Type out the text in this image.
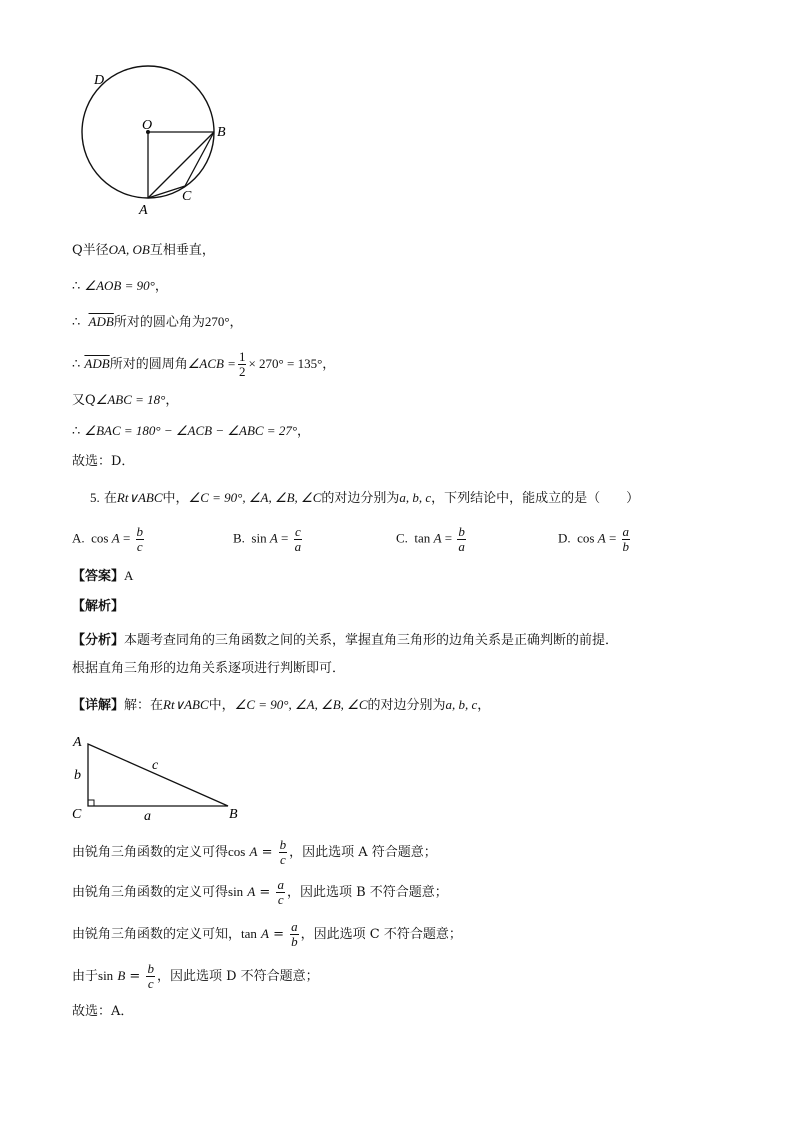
D
O	B
C
A
Q半径OA, OB互相垂直，
∴ ∠AOB = 90°，
∴ $\overline{ADB}$所对的圆心角为270°，
∴ $\overline{ADB}$所对的圆周角∠ACB = $\frac{1}{2} \times 270^\circ = 135^\circ$，
又Q∠ABC = 18°，
∴ ∠BAC = 180° − ∠ACB − ∠ABC = 27°，
故选：D．
5. 在Rt∨ABC中，∠C = 90°, ∠A, ∠B, ∠C的对边分别为a, b, c，下列结论中，能成立的是（　　）
A. $\cos A = \frac{b}{c}$	B. $\sin A = \frac{c}{a}$	C. $\tan A = \frac{b}{a}$	D. $\cos A = \frac{a}{b}$
【答案】A
【解析】
【分析】本题考查同角的三角函数之间的关系，掌握直角三角形的边角关系是正确判断的前提．
根据直角三角形的边角关系逐项进行判断即可．
【详解】解：在Rt∨ABC中，∠C = 90°, ∠A, ∠B, ∠C的对边分别为a, b, c，
A
b
c
C	a	B
由锐角三角函数的定义可得$\cos A = \frac{b}{c}$ ，因此选项 A 符合题意；
由锐角三角函数的定义可得$\sin A = \frac{a}{c}$ ，因此选项 B 不符合题意；
由锐角三角函数的定义可知，$\tan A = \frac{a}{b}$ ，因此选项 C 不符合题意；
由于$\sin B = \frac{b}{c}$ ，因此选项 D 不符合题意；
故选：A．
